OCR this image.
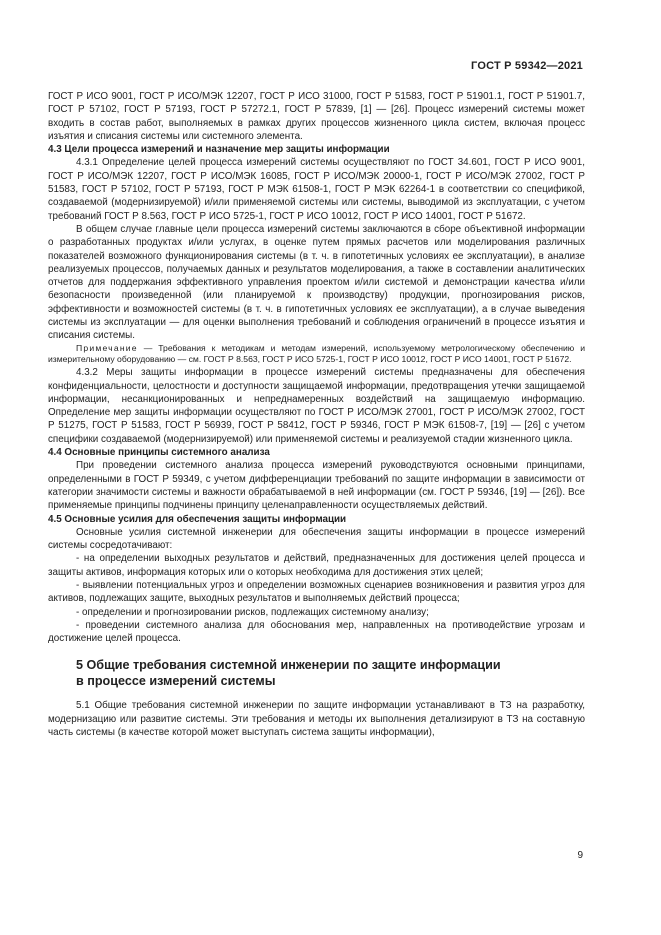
ГОСТ Р 59342—2021

ГОСТ Р ИСО 9001, ГОСТ Р ИСО/МЭК 12207, ГОСТ Р ИСО 31000, ГОСТ Р 51583, ГОСТ Р 51901.1, ГОСТ Р 51901.7, ГОСТ Р 57102, ГОСТ Р 57193, ГОСТ Р 57272.1, ГОСТ Р 57839, [1] — [26]. Процесс измерений системы может входить в состав работ, выполняемых в рамках других процессов жизненного цикла систем, включая процесс изъятия и списания системы или системного элемента.

4.3 Цели процесса измерений и назначение мер защиты информации

4.3.1 Определение целей процесса измерений системы осуществляют по ГОСТ 34.601, ГОСТ Р ИСО 9001, ГОСТ Р ИСО/МЭК 12207, ГОСТ Р ИСО/МЭК 16085, ГОСТ Р ИСО/МЭК 20000-1, ГОСТ Р ИСО/МЭК 27002, ГОСТ Р 51583, ГОСТ Р 57102, ГОСТ Р 57193, ГОСТ Р МЭК 61508-1, ГОСТ Р МЭК 62264-1 в соответствии со спецификой, создаваемой (модернизируемой) и/или применяемой системы или системы, выводимой из эксплуатации, с учетом требований ГОСТ Р 8.563, ГОСТ Р ИСО 5725-1, ГОСТ Р ИСО 10012, ГОСТ Р ИСО 14001, ГОСТ Р 51672.

В общем случае главные цели процесса измерений системы заключаются в сборе объективной информации о разработанных продуктах и/или услугах, в оценке путем прямых расчетов или моделирования различных показателей возможного функционирования системы (в т. ч. в гипотетичных условиях ее эксплуатации), в анализе реализуемых процессов, получаемых данных и результатов моделирования, а также в составлении аналитических отчетов для поддержания эффективного управления проектом и/или системой и демонстрации качества и/или безопасности произведенной (или планируемой к производству) продукции, прогнозирования рисков, эффективности и возможностей системы (в т. ч. в гипотетичных условиях ее эксплуатации), а в случае выведения системы из эксплуатации — для оценки выполнения требований и соблюдения ограничений в процессе изъятия и списания системы.

Примечание — Требования к методикам и методам измерений, используемому метрологическому обеспечению и измерительному оборудованию — см. ГОСТ Р 8.563, ГОСТ Р ИСО 5725-1, ГОСТ Р ИСО 10012, ГОСТ Р ИСО 14001, ГОСТ Р 51672.

4.3.2 Меры защиты информации в процессе измерений системы предназначены для обеспечения конфиденциальности, целостности и доступности защищаемой информации, предотвращения утечки защищаемой информации, несанкционированных и непреднамеренных воздействий на защищаемую информацию. Определение мер защиты информации осуществляют по ГОСТ Р ИСО/МЭК 27001, ГОСТ Р ИСО/МЭК 27002, ГОСТ Р 51275, ГОСТ Р 51583, ГОСТ Р 56939, ГОСТ Р 58412, ГОСТ Р 59346, ГОСТ Р МЭК 61508-7, [19] — [26] с учетом специфики создаваемой (модернизируемой) или применяемой системы и реализуемой стадии жизненного цикла.

4.4 Основные принципы системного анализа

При проведении системного анализа процесса измерений руководствуются основными принципами, определенными в ГОСТ Р 59349, с учетом дифференциации требований по защите информации в зависимости от категории значимости системы и важности обрабатываемой в ней информации (см. ГОСТ Р 59346, [19] — [26]). Все применяемые принципы подчинены принципу целенаправленности осуществляемых действий.

4.5 Основные усилия для обеспечения защиты информации

Основные усилия системной инженерии для обеспечения защиты информации в процессе измерений системы сосредотачивают:

- на определении выходных результатов и действий, предназначенных для достижения целей процесса и защиты активов, информация которых или о которых необходима для достижения этих целей;

- выявлении потенциальных угроз и определении возможных сценариев возникновения и развития угроз для активов, подлежащих защите, выходных результатов и выполняемых действий процесса;

- определении и прогнозировании рисков, подлежащих системному анализу;

- проведении системного анализа для обоснования мер, направленных на противодействие угрозам и достижение целей процесса.

5 Общие требования системной инженерии по защите информации
в процессе измерений системы

5.1 Общие требования системной инженерии по защите информации устанавливают в ТЗ на разработку, модернизацию или развитие системы. Эти требования и методы их выполнения детализируют в ТЗ на составную часть системы (в качестве которой может выступать система защиты информации),

9
